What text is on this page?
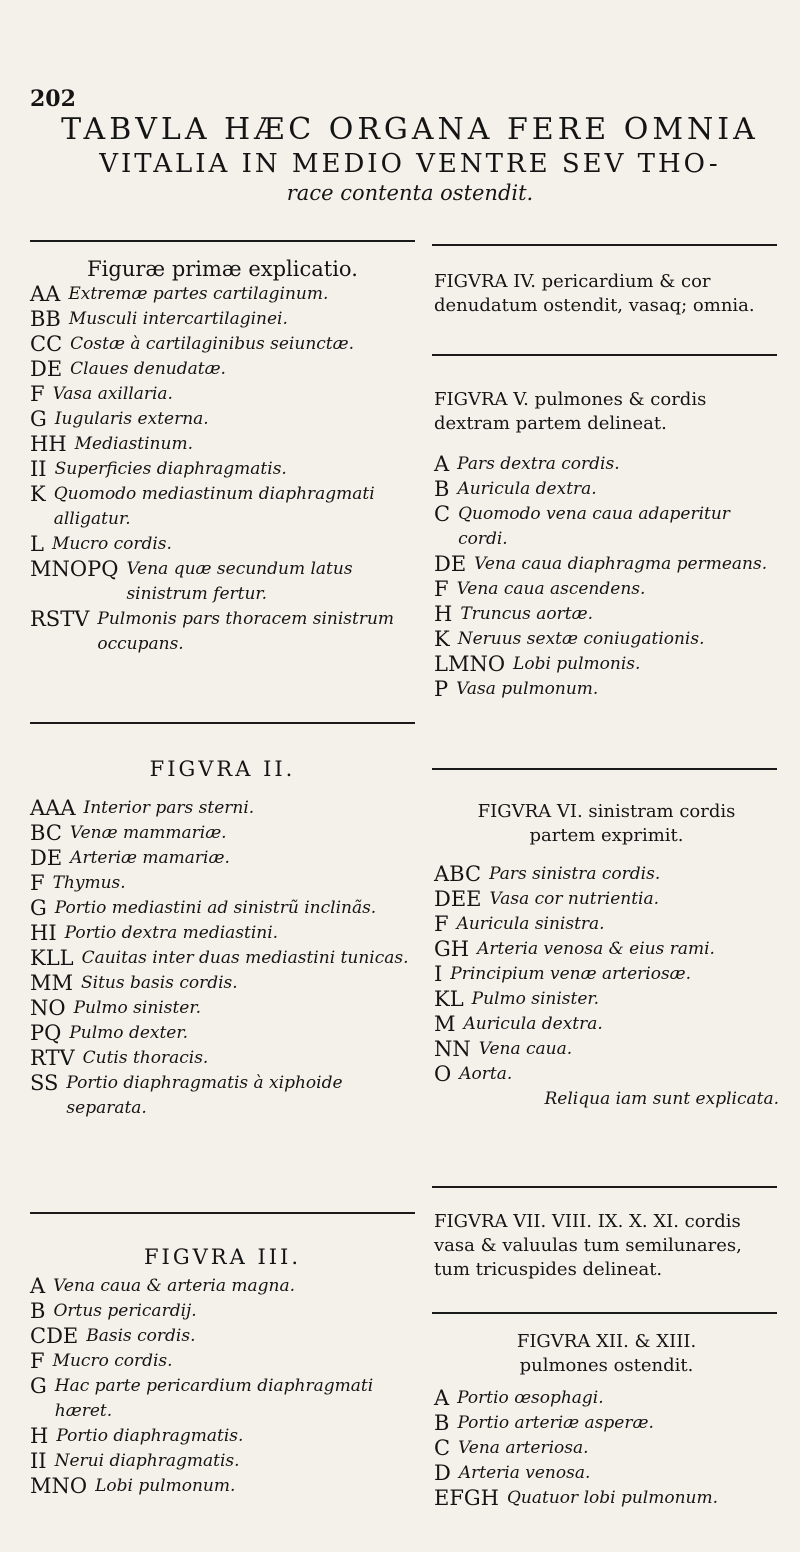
202
TABVLA HÆC ORGANA FERE OMNIA
VITALIA IN MEDIO VENTRE SEV THO-
race contenta ostendit.
Figuræ primæ explicatio.
AA Extremæ partes cartilaginum.
BB Musculi intercartilaginei.
CC Costæ à cartilaginibus seiunctæ.
DE Claues denudatæ.
F Vasa axillaria.
G Iugularis externa.
HH Mediastinum.
II Superficies diaphragmatis.
K Quomodo mediastinum diaphragmati alligatur.
L Mucro cordis.
MNOPQ Vena quæ secundum latus sinistrum fertur.
RSTV Pulmonis pars thoracem sinistrum occupans.
FIGVRA II.
AAA Interior pars sterni.
BC Venæ mammariæ.
DE Arteriæ mamariæ.
F Thymus.
G Portio mediastini ad sinistrũ inclinãs.
HI Portio dextra mediastini.
KLL Cauitas inter duas mediastini tunicas.
MM Situs basis cordis.
NO Pulmo sinister.
PQ Pulmo dexter.
RTV Cutis thoracis.
SS Portio diaphragmatis à xiphoide separata.
FIGVRA III.
A Vena caua & arteria magna.
B Ortus pericardij.
CDE Basis cordis.
F Mucro cordis.
G Hac parte pericardium diaphragmati hæret.
H Portio diaphragmatis.
II Nerui diaphragmatis.
MNO Lobi pulmonum.
FIGVRA IV. pericardium & cor denudatum ostendit, vasaq; omnia.
FIGVRA V. pulmones & cordis dextram partem delineat.
A Pars dextra cordis.
B Auricula dextra.
C Quomodo vena caua adaperitur cordi.
DE Vena caua diaphragma permeans.
F Vena caua ascendens.
H Truncus aortæ.
K Neruus sextæ coniugationis.
LMNO Lobi pulmonis.
P Vasa pulmonum.
FIGVRA VI. sinistram cordis partem exprimit.
ABC Pars sinistra cordis.
DEE Vasa cor nutrientia.
F Auricula sinistra.
GH Arteria venosa & eius rami.
I Principium venæ arteriosæ.
KL Pulmo sinister.
M Auricula dextra.
NN Vena caua.
O Aorta.
Reliqua iam sunt explicata.
FIGVRA VII. VIII. IX. X. XI. cordis vasa & valuulas tum semilunares, tum tricuspides delineat.
FIGVRA XII. & XIII. pulmones ostendit.
A Portio œsophagi.
B Portio arteriæ asperæ.
C Vena arteriosa.
D Arteria venosa.
EFGH Quatuor lobi pulmonum.
